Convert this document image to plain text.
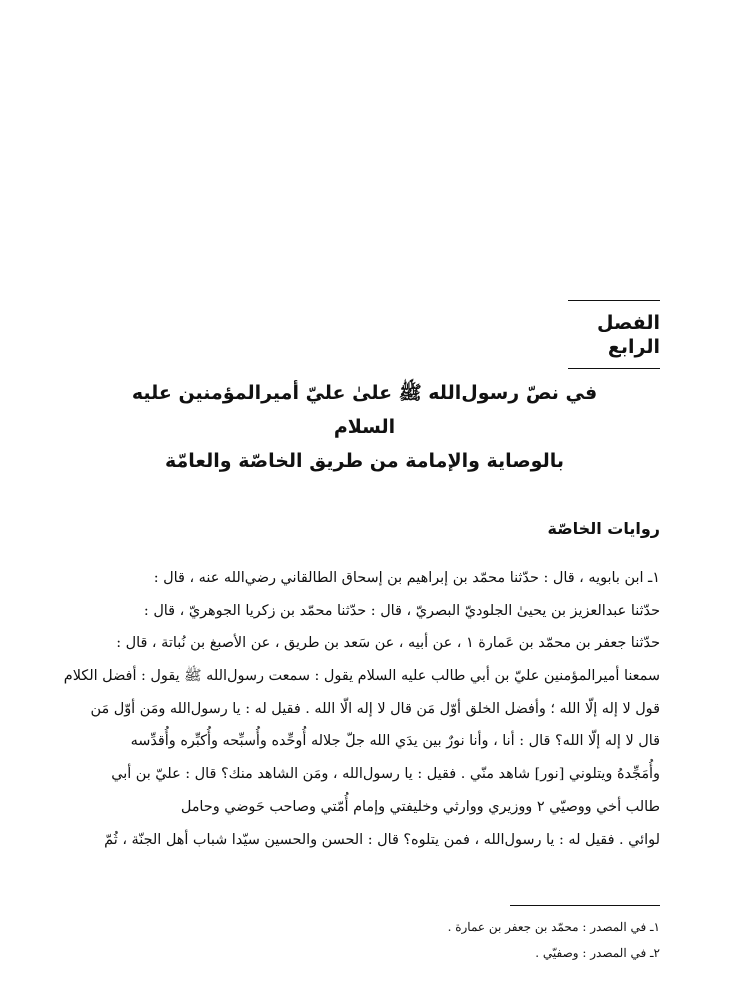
الفصل الرابع
في نصّ رسول‌الله ﷺ علىٰ عليّ أميرالمؤمنين عليه السلام
بالوصاية والإمامة من طريق الخاصّة والعامّة
روايات الخاصّة
١ـ ابن بابويه ، قال : حدّثنا محمّد بن إبراهيم بن إسحاق الطالقاني رضي‌الله عنه ، قال :
حدّثنا عبدالعزيز بن يحيىٰ الجلوديّ البصريّ ، قال : حدّثنا محمّد بن زكريا الجوهريّ ، قال :
حدّثنا جعفر بن محمّد بن عَمارة ١ ، عن أبيه ، عن سَعد بن طريق ، عن الأصبغ بن نُباتة ، قال :
سمعنا أميرالمؤمنين عليّ بن أبي طالب عليه السلام يقول : سمعت رسول‌الله ﷺ يقول : أفضل الكلام
قول لا إله إلّا الله ؛ وأفضل الخلق أوّل مَن قال لا إله الّا الله . فقيل له : يا رسول‌الله ومَن أوّل مَن
قال لا إله إلّا الله؟ قال : أنا ، وأنا نورٌ بين يدَي الله جلّ جلاله أُوحِّده وأُسبِّحه وأُكبِّره وأُقدِّسه
وأُمَجِّدهُ ويتلوني [نور] شاهد منّي . فقيل : يا رسول‌الله ، ومَن الشاهد منك؟ قال : عليّ بن أبي
طالب أخي ووصيّي ٢ ووزيري ووارثي وخليفتي وإمام أُمّتي وصاحب حَوضي وحامل
لوائي . فقيل له : يا رسول‌الله ، فمن يتلوه؟ قال : الحسن والحسين سيّدا شباب أهل الجنّة ، ثُمّ
١ـ في المصدر : محمّد بن جعفر بن عمارة .
٢ـ في المصدر : وصفيّي .
